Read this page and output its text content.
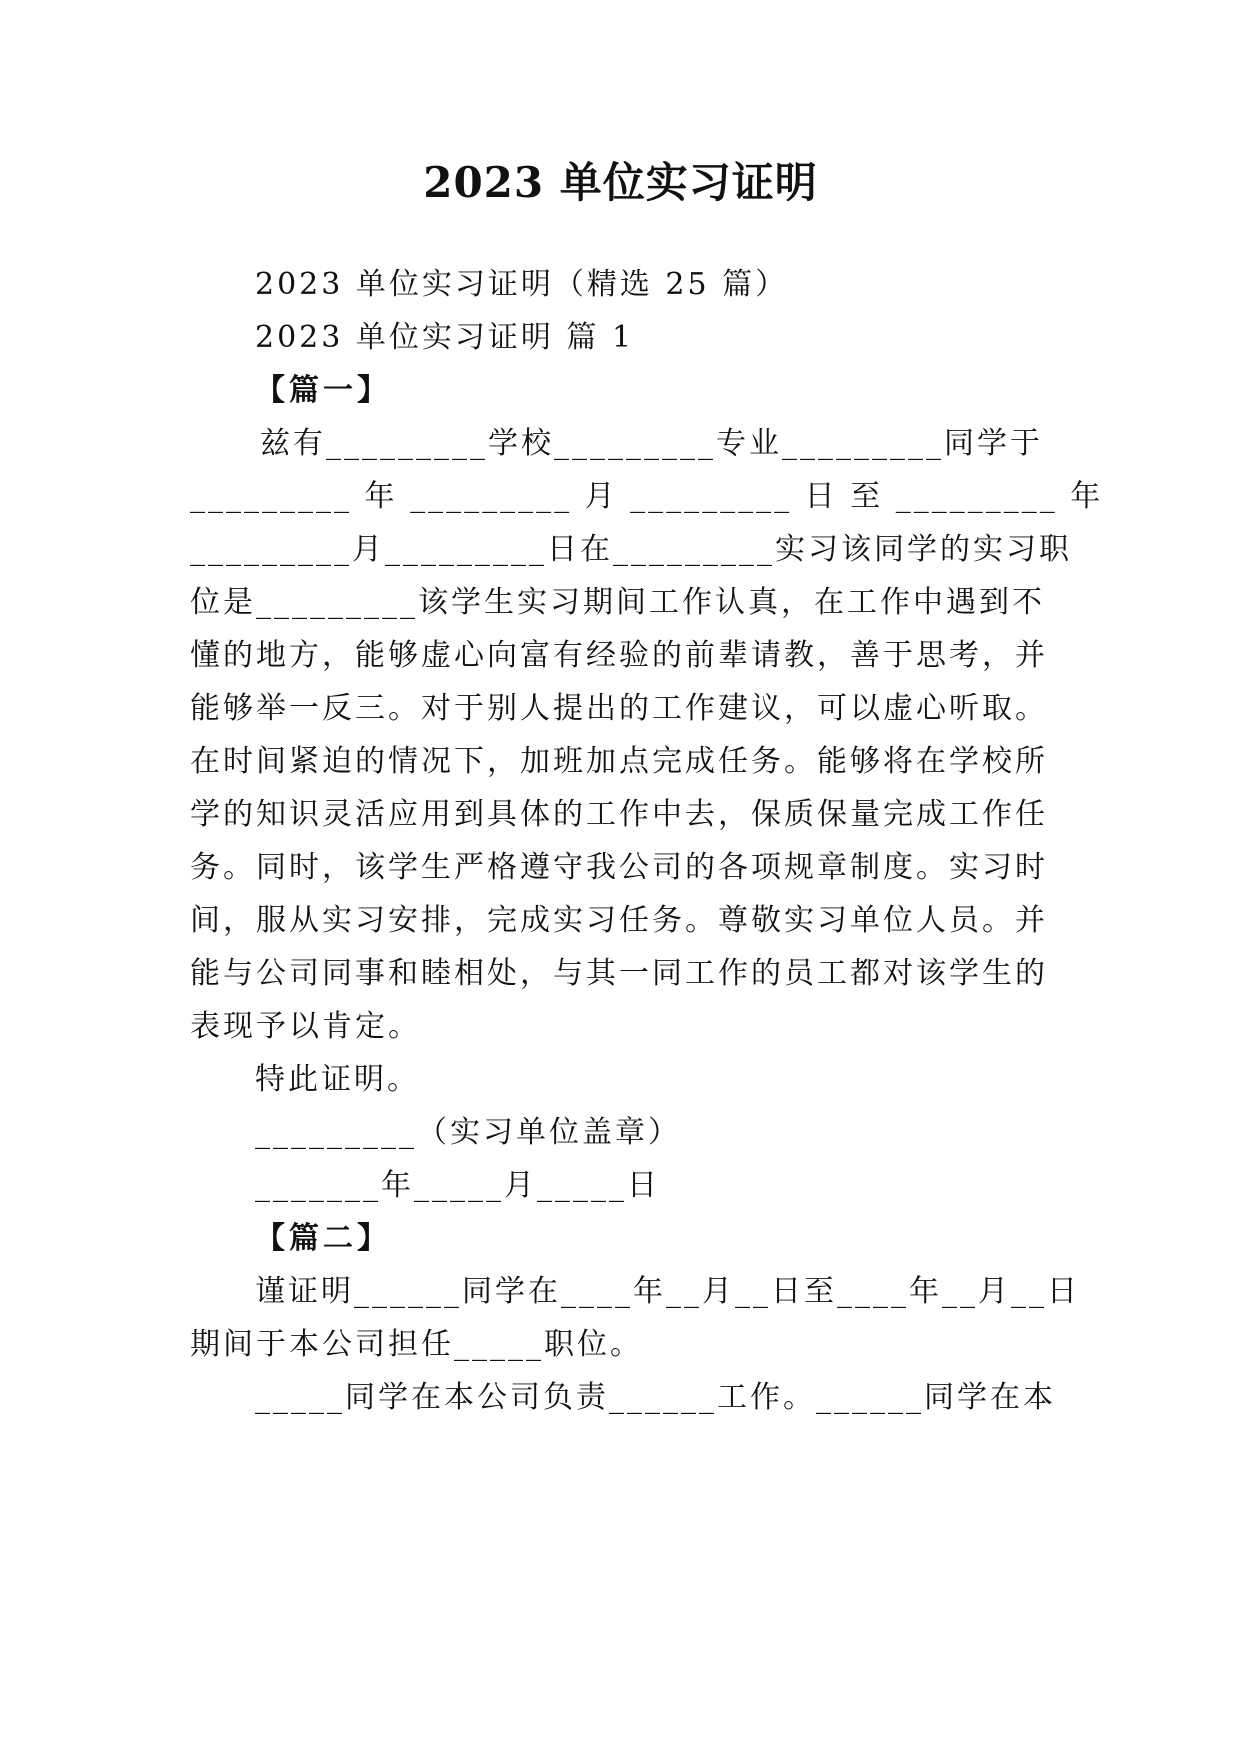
2023 单位实习证明
2023 单位实习证明（精选 25 篇）
2023 单位实习证明 篇 1
【篇一】
兹有_________学校_________专业_________同学于
_________ 年 _________ 月 _________ 日 至 _________ 年
_________月_________日在_________实习该同学的实习职
位是_________该学生实习期间工作认真，在工作中遇到不
懂的地方，能够虚心向富有经验的前辈请教，善于思考，并
能够举一反三。对于别人提出的工作建议，可以虚心听取。
在时间紧迫的情况下，加班加点完成任务。能够将在学校所
学的知识灵活应用到具体的工作中去，保质保量完成工作任
务。同时，该学生严格遵守我公司的各项规章制度。实习时
间，服从实习安排，完成实习任务。尊敬实习单位人员。并
能与公司同事和睦相处，与其一同工作的员工都对该学生的
表现予以肯定。
特此证明。
_________（实习单位盖章）
_______年_____月_____日
【篇二】
谨证明______同学在____年__月__日至____年__月__日
期间于本公司担任_____职位。
_____同学在本公司负责______工作。______同学在本
